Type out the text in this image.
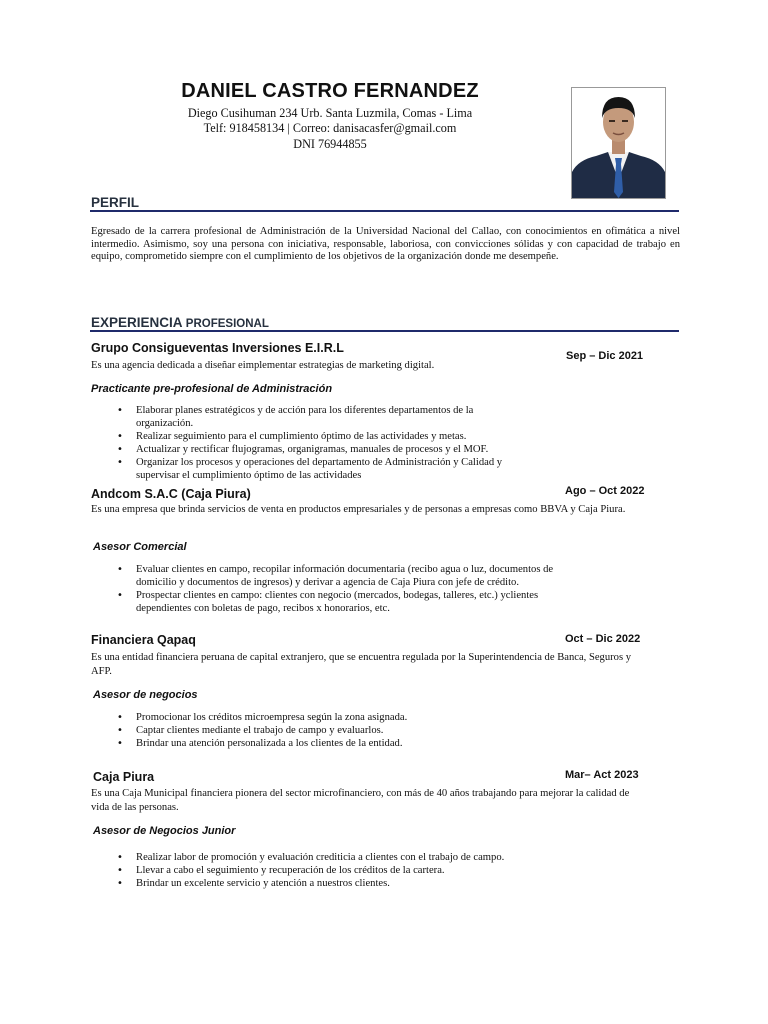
DANIEL CASTRO FERNANDEZ
Diego Cusihuman 234 Urb. Santa Luzmila, Comas - Lima
Telf: 918458134 | Correo: danisacasfer@gmail.com
DNI 76944855
PERFIL
Egresado de la carrera profesional de Administración de la Universidad Nacional del Callao, con conocimientos en ofimática a nivel intermedio. Asimismo, soy una persona con iniciativa, responsable, laboriosa, con convicciones sólidas y con capacidad de trabajo en equipo, comprometido siempre con el cumplimiento de los objetivos de la organización donde me desempeñe.
EXPERIENCIA PROFESIONAL
Grupo Consigueventas Inversiones E.I.R.L
Sep – Dic 2021
Es una agencia dedicada a diseñar eimplementar estrategias de marketing digital.
Practicante pre-profesional de Administración
• Elaborar planes estratégicos y de acción para los diferentes departamentos de la organización.
• Realizar seguimiento para el cumplimiento óptimo de las actividades y metas.
• Actualizar y rectificar flujogramas, organigramas, manuales de procesos y el MOF.
• Organizar los procesos y operaciones del departamento de Administración y Calidad y supervisar el cumplimiento óptimo de las actividades
Andcom S.A.C (Caja Piura)	Ago – Oct 2022
Es una empresa que brinda servicios de venta en productos empresariales y de personas a empresas como BBVA y Caja Piura.
Asesor Comercial
• Evaluar clientes en campo, recopilar información documentaria (recibo agua o luz, documentos de domicilio y documentos de ingresos) y derivar a agencia de Caja Piura con jefe de crédito.
• Prospectar clientes en campo: clientes con negocio (mercados, bodegas, talleres, etc.) yclientes dependientes con boletas de pago, recibos x honorarios, etc.
Financiera Qapaq	Oct – Dic 2022
Es una entidad financiera peruana de capital extranjero, que se encuentra regulada por la Superintendencia de Banca, Seguros y AFP.
Asesor de negocios
• Promocionar los créditos microempresa según la zona asignada.
• Captar clientes mediante el trabajo de campo y evaluarlos.
• Brindar una atención personalizada a los clientes de la entidad.
Caja Piura	Mar– Act 2023
Es una Caja Municipal financiera pionera del sector microfinanciero, con más de 40 años trabajando para mejorar la calidad de vida de las personas.
Asesor de Negocios Junior
• Realizar labor de promoción y evaluación crediticia a clientes con el trabajo de campo.
• Llevar a cabo el seguimiento y recuperación de los créditos de la cartera.
• Brindar un excelente servicio y atención a nuestros clientes.
